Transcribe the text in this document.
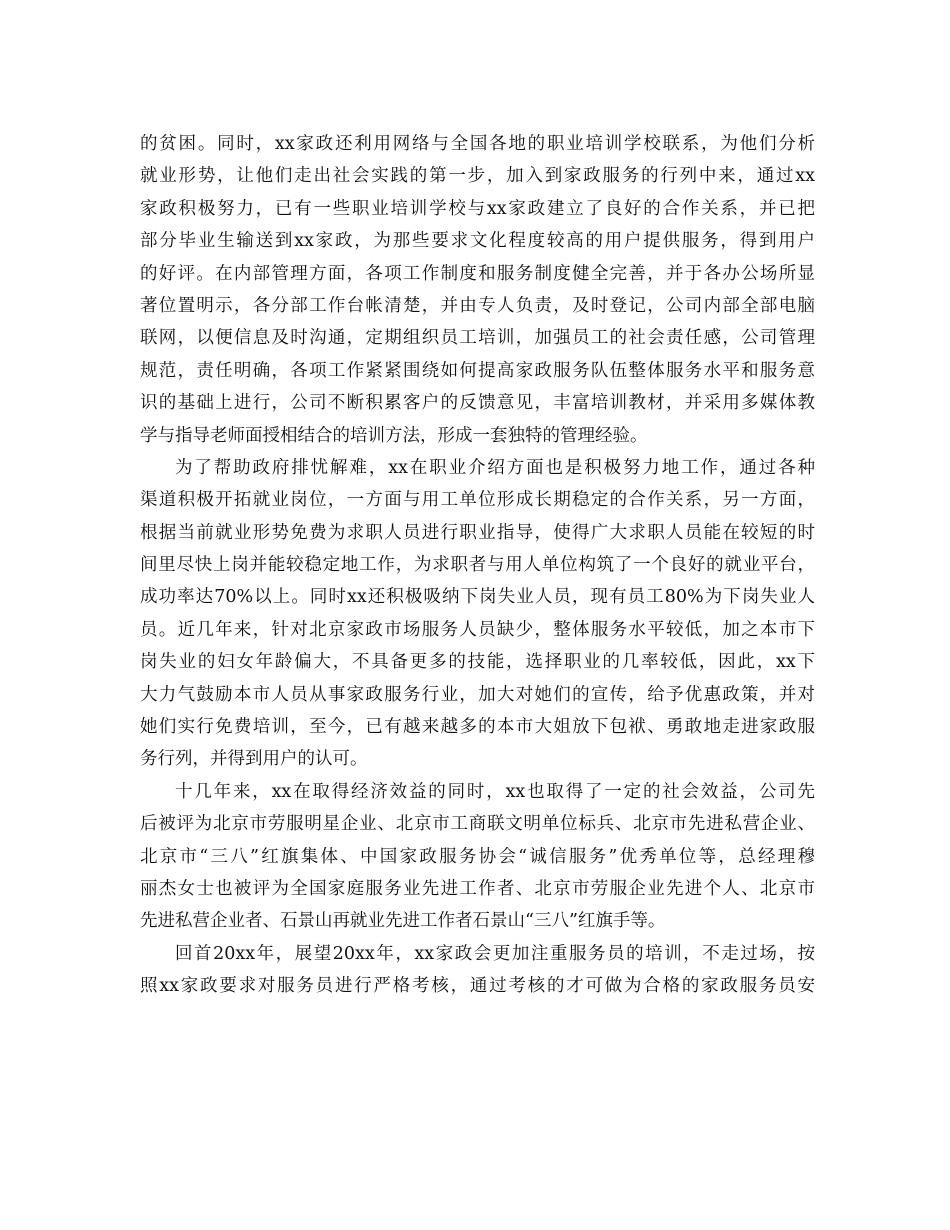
的贫困。同时，xx家政还利用网络与全国各地的职业培训学校联系，为他们分析
就业形势，让他们走出社会实践的第一步，加入到家政服务的行列中来，通过xx
家政积极努力，已有一些职业培训学校与xx家政建立了良好的合作关系，并已把
部分毕业生输送到xx家政，为那些要求文化程度较高的用户提供服务，得到用户
的好评。在内部管理方面，各项工作制度和服务制度健全完善，并于各办公场所显
著位置明示，各分部工作台帐清楚，并由专人负责，及时登记，公司内部全部电脑
联网，以便信息及时沟通，定期组织员工培训，加强员工的社会责任感，公司管理
规范，责任明确，各项工作紧紧围绕如何提高家政服务队伍整体服务水平和服务意
识的基础上进行，公司不断积累客户的反馈意见，丰富培训教材，并采用多媒体教
学与指导老师面授相结合的培训方法，形成一套独特的管理经验。
为了帮助政府排忧解难，xx在职业介绍方面也是积极努力地工作，通过各种
渠道积极开拓就业岗位，一方面与用工单位形成长期稳定的合作关系，另一方面，
根据当前就业形势免费为求职人员进行职业指导，使得广大求职人员能在较短的时
间里尽快上岗并能较稳定地工作，为求职者与用人单位构筑了一个良好的就业平台，
成功率达70%以上。同时xx还积极吸纳下岗失业人员，现有员工80%为下岗失业人
员。近几年来，针对北京家政市场服务人员缺少，整体服务水平较低，加之本市下
岗失业的妇女年龄偏大，不具备更多的技能，选择职业的几率较低，因此，xx下
大力气鼓励本市人员从事家政服务行业，加大对她们的宣传，给予优惠政策，并对
她们实行免费培训，至今，已有越来越多的本市大姐放下包袱、勇敢地走进家政服
务行列，并得到用户的认可。
十几年来，xx在取得经济效益的同时，xx也取得了一定的社会效益，公司先
后被评为北京市劳服明星企业、北京市工商联文明单位标兵、北京市先进私营企业、
北京市“三八”红旗集体、中国家政服务协会“诚信服务”优秀单位等，总经理穆
丽杰女士也被评为全国家庭服务业先进工作者、北京市劳服企业先进个人、北京市
先进私营企业者、石景山再就业先进工作者石景山“三八”红旗手等。
回首20xx年，展望20xx年，xx家政会更加注重服务员的培训，不走过场，按
照xx家政要求对服务员进行严格考核，通过考核的才可做为合格的家政服务员安
